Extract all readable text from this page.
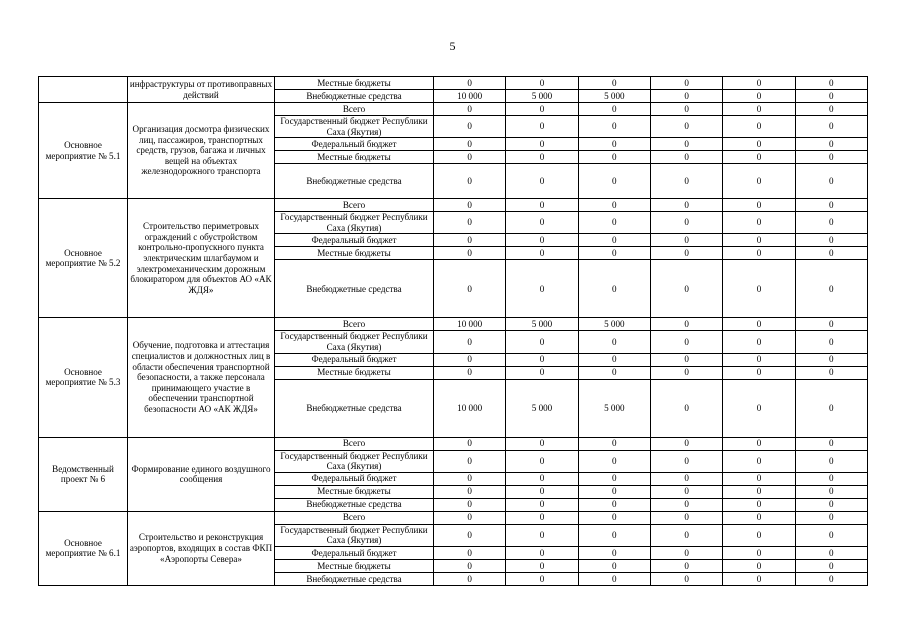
5
	инфраструктуры от противоправных действий	Местные бюджеты	0	0	0	0	0	0
		Внебюджетные средства	10 000	5 000	5 000	0	0	0
Основное мероприятие № 5.1	Организация досмотра физических лиц, пассажиров, транспортных средств, грузов, багажа и личных вещей на объектах железнодорожного транспорта	Всего	0	0	0	0	0	0
		Государственный бюджет Республики Саха (Якутия)	0	0	0	0	0	0
		Федеральный бюджет	0	0	0	0	0	0
		Местные бюджеты	0	0	0	0	0	0
		Внебюджетные средства	0	0	0	0	0	0
Основное мероприятие № 5.2	Строительство периметровых ограждений с обустройством контрольно-пропускного пункта электрическим шлагбаумом и электромеханическим дорожным блокиратором для объектов АО «АК ЖДЯ»	Всего	0	0	0	0	0	0
		Государственный бюджет Республики Саха (Якутия)	0	0	0	0	0	0
		Федеральный бюджет	0	0	0	0	0	0
		Местные бюджеты	0	0	0	0	0	0
		Внебюджетные средства	0	0	0	0	0	0
Основное мероприятие № 5.3	Обучение, подготовка и аттестация специалистов и должностных лиц в области обеспечения транспортной безопасности, а также персонала принимающего участие в обеспечении транспортной безопасности АО «АК ЖДЯ»	Всего	10 000	5 000	5 000	0	0	0
		Государственный бюджет Республики Саха (Якутия)	0	0	0	0	0	0
		Федеральный бюджет	0	0	0	0	0	0
		Местные бюджеты	0	0	0	0	0	0
		Внебюджетные средства	10 000	5 000	5 000	0	0	0
Ведомственный проект № 6	Формирование единого воздушного сообщения	Всего	0	0	0	0	0	0
		Государственный бюджет Республики Саха (Якутия)	0	0	0	0	0	0
		Федеральный бюджет	0	0	0	0	0	0
		Местные бюджеты	0	0	0	0	0	0
		Внебюджетные средства	0	0	0	0	0	0
Основное мероприятие № 6.1	Строительство и реконструкция аэропортов, входящих в состав ФКП «Аэропорты Севера»	Всего	0	0	0	0	0	0
		Государственный бюджет Республики Саха (Якутия)	0	0	0	0	0	0
		Федеральный бюджет	0	0	0	0	0	0
		Местные бюджеты	0	0	0	0	0	0
		Внебюджетные средства	0	0	0	0	0	0
